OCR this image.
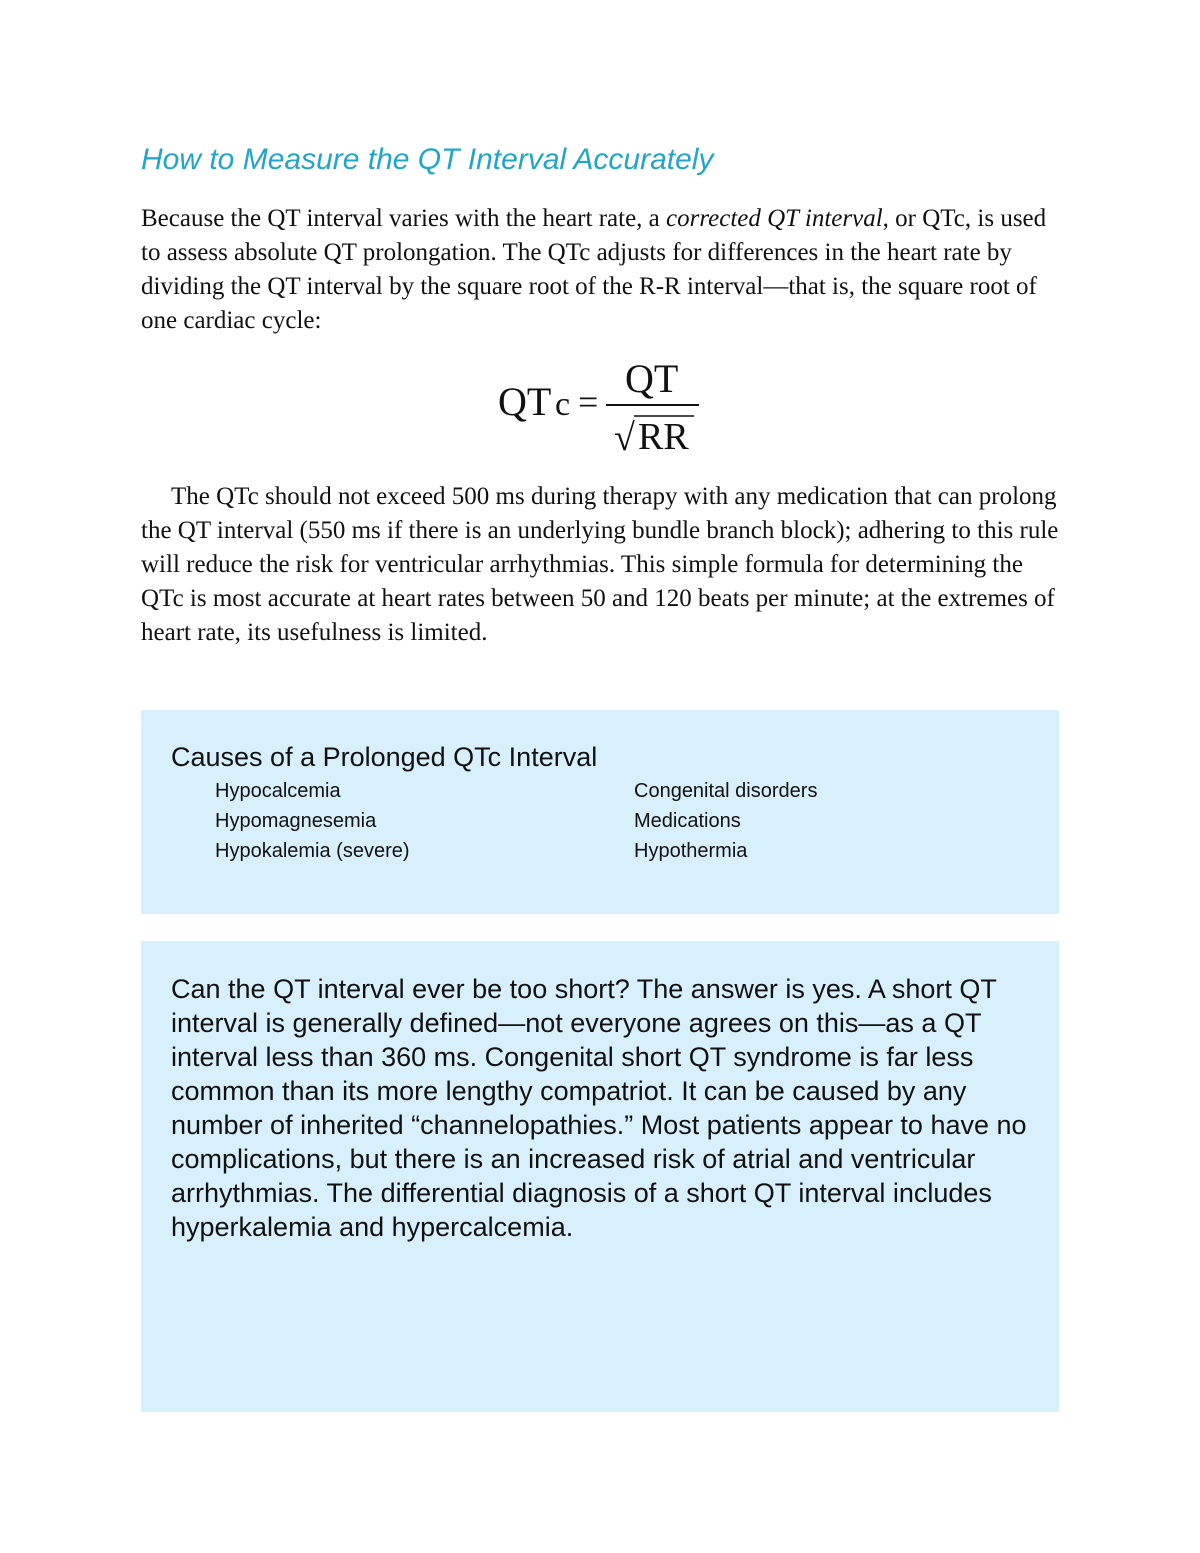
How to Measure the QT Interval Accurately

Because the QT interval varies with the heart rate, a corrected QT interval, or QTc, is used to assess absolute QT prolongation. The QTc adjusts for differences in the heart rate by dividing the QT interval by the square root of the R-R interval—that is, the square root of one cardiac cycle:

QT c =
QT
√ RR

The QTc should not exceed 500 ms during therapy with any medication that can prolong the QT interval (550 ms if there is an underlying bundle branch block); adhering to this rule will reduce the risk for ventricular arrhythmias. This simple formula for determining the QTc is most accurate at heart rates between 50 and 120 beats per minute; at the extremes of heart rate, its usefulness is limited.

Causes of a Prolonged QTc Interval
Hypocalcemia
Hypomagnesemia
Hypokalemia (severe)
Congenital disorders
Medications
Hypothermia

Can the QT interval ever be too short? The answer is yes. A short QT interval is generally defined—not everyone agrees on this—as a QT interval less than 360 ms. Congenital short QT syndrome is far less common than its more lengthy compatriot. It can be caused by any number of inherited “channelopathies.” Most patients appear to have no complications, but there is an increased risk of atrial and ventricular arrhythmias. The differential diagnosis of a short QT interval includes hyperkalemia and hypercalcemia.
